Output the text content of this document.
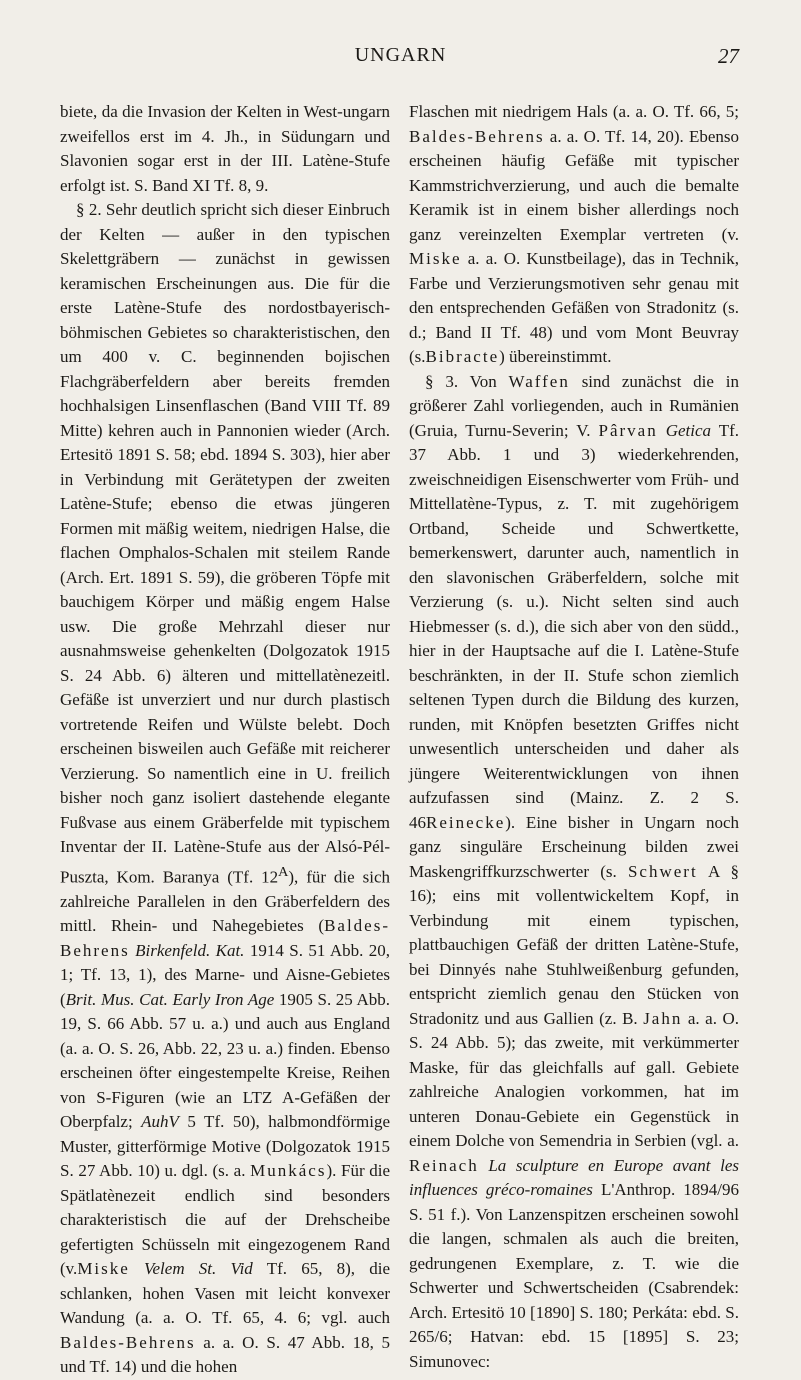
UNGARN	27

biete, da die Invasion der Kelten in West-ungarn zweifellos erst im 4. Jh., in Südungarn und Slavonien sogar erst in der III. Latène-Stufe erfolgt ist. S. Band XI Tf. 8, 9.

§ 2. Sehr deutlich spricht sich dieser Einbruch der Kelten — außer in den typischen Skelettgräbern — zunächst in gewissen keramischen Erscheinungen aus. Die für die erste Latène-Stufe des nordostbayerisch-böhmischen Gebietes so charakteristischen, den um 400 v. C. beginnenden bojischen Flachgräberfeldern aber bereits fremden hochhalsigen Linsenflaschen (Band VIII Tf. 89 Mitte) kehren auch in Pannonien wieder (Arch. Ertesitö 1891 S. 58; ebd. 1894 S. 303), hier aber in Verbindung mit Gerätetypen der zweiten Latène-Stufe; ebenso die etwas jüngeren Formen mit mäßig weitem, niedrigen Halse, die flachen Omphalos-Schalen mit steilem Rande (Arch. Ert. 1891 S. 59), die gröberen Töpfe mit bauchigem Körper und mäßig engem Halse usw. Die große Mehrzahl dieser nur ausnahmsweise gehenkelten (Dolgozatok 1915 S. 24 Abb. 6) älteren und mittellatènezeitl. Gefäße ist unverziert und nur durch plastisch vortretende Reifen und Wülste belebt. Doch erscheinen bisweilen auch Gefäße mit reicherer Verzierung. So namentlich eine in U. freilich bisher noch ganz isoliert dastehende elegante Fußvase aus einem Gräberfelde mit typischem Inventar der II. Latène-Stufe aus der Alsó-Pél-Puszta, Kom. Baranya (Tf. $12^A$), für die sich zahlreiche Parallelen in den Gräberfeldern des mittl. Rhein- und Nahegebietes (Baldes-Behrens Birkenfeld. Kat. 1914 S. 51 Abb. 20, 1; Tf. 13, 1), des Marne- und Aisne-Gebietes (Brit. Mus. Cat. Early Iron Age 1905 S. 25 Abb. 19, S. 66 Abb. 57 u. a.) und auch aus England (a. a. O. S. 26, Abb. 22, 23 u. a.) finden. Ebenso erscheinen öfter eingestempelte Kreise, Reihen von S-Figuren (wie an LTZ A-Gefäßen der Oberpfalz; AuhV 5 Tf. 50), halbmondförmige Muster, gitterförmige Motive (Dolgozatok 1915 S. 27 Abb. 10) u. dgl. (s. a. Munkács). Für die Spätlatènezeit endlich sind besonders charakteristisch die auf der Drehscheibe gefertigten Schüsseln mit eingezogenem Rand (v.Miske Velem St. Vid Tf. 65, 8), die schlanken, hohen Vasen mit leicht konvexer Wandung (a. a. O. Tf. 65, 4. 6; vgl. auch Baldes-Behrens a. a. O. S. 47 Abb. 18, 5 und Tf. 14) und die hohen

Flaschen mit niedrigem Hals (a. a. O. Tf. 66, 5; Baldes-Behrens a. a. O. Tf. 14, 20). Ebenso erscheinen häufig Gefäße mit typischer Kammstrichverzierung, und auch die bemalte Keramik ist in einem bisher allerdings noch ganz vereinzelten Exemplar vertreten (v. Miske a. a. O. Kunstbeilage), das in Technik, Farbe und Verzierungsmotiven sehr genau mit den entsprechenden Gefäßen von Stradonitz (s. d.; Band II Tf. 48) und vom Mont Beuvray (s.Bibracte) übereinstimmt.

§ 3. Von Waffen sind zunächst die in größerer Zahl vorliegenden, auch in Rumänien (Gruia, Turnu-Severin; V. Pârvan Getica Tf. 37 Abb. 1 und 3) wiederkehrenden, zweischneidigen Eisenschwerter vom Früh- und Mittellatène-Typus, z. T. mit zugehörigem Ortband, Scheide und Schwertkette, bemerkenswert, darunter auch, namentlich in den slavonischen Gräberfeldern, solche mit Verzierung (s. u.). Nicht selten sind auch Hiebmesser (s. d.), die sich aber von den südd., hier in der Hauptsache auf die I. Latène-Stufe beschränkten, in der II. Stufe schon ziemlich seltenen Typen durch die Bildung des kurzen, runden, mit Knöpfen besetzten Griffes nicht unwesentlich unterscheiden und daher als jüngere Weiterentwicklungen von ihnen aufzufassen sind (Mainz. Z. 2 S. 46Reinecke). Eine bisher in Ungarn noch ganz singuläre Erscheinung bilden zwei Maskengriffkurzschwerter (s. Schwert A § 16); eins mit vollentwickeltem Kopf, in Verbindung mit einem typischen, plattbauchigen Gefäß der dritten Latène-Stufe, bei Dinnyés nahe Stuhlweißenburg gefunden, entspricht ziemlich genau den Stücken von Stradonitz und aus Gallien (z. B. Jahn a. a. O. S. 24 Abb. 5); das zweite, mit verkümmerter Maske, für das gleichfalls auf gall. Gebiete zahlreiche Analogien vorkommen, hat im unteren Donau-Gebiete ein Gegenstück in einem Dolche von Semendria in Serbien (vgl. a. Reinach La sculpture en Europe avant les influences gréco-romaines L'Anthrop. 1894/96 S. 51 f.). Von Lanzenspitzen erscheinen sowohl die langen, schmalen als auch die breiten, gedrungenen Exemplare, z. T. wie die Schwerter und Schwertscheiden (Csabrendek: Arch. Ertesitö 10 [1890] S. 180; Perkáta: ebd. S. 265/6; Hatvan: ebd. 15 [1895] S. 23; Simunovec:
